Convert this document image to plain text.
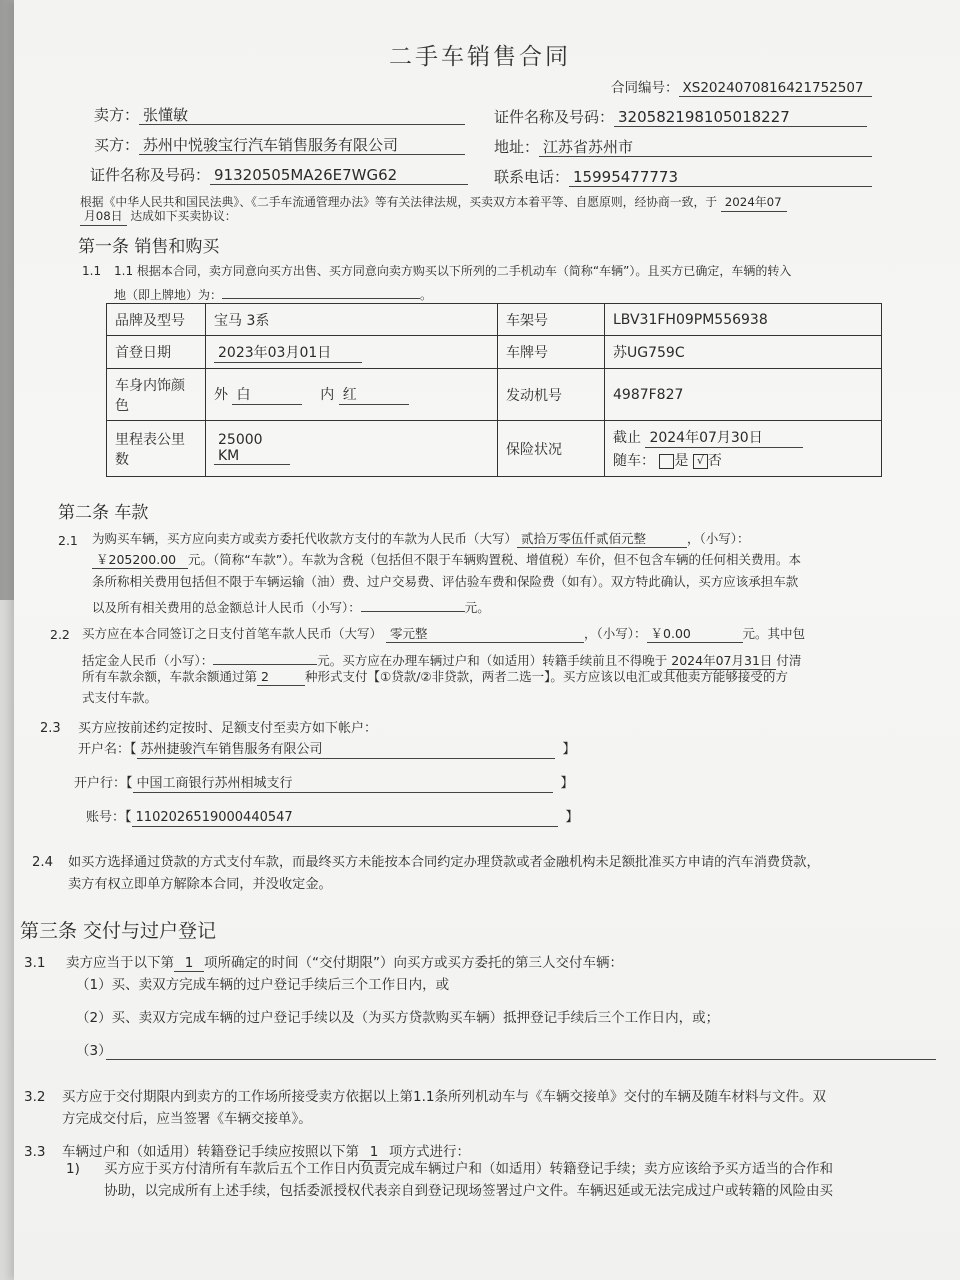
二手车销售合同
合同编号： XS2024070816421752507
卖方： 张懂敏	证件名称及号码： 320582198105018227
买方： 苏州中悦骏宝行汽车销售服务有限公司	地址： 江苏省苏州市
证件名称及号码： 91320505MA26E7WG62	联系电话： 15995477773
根据《中华人民共和国民法典》、《二手车流通管理办法》等有关法律法规，买卖双方本着平等、自愿原则，经协商一致，于 2024年07
月08日 达成如下买卖协议：
第一条 销售和购买
1.1 1.1 根据本合同，卖方同意向买方出售、买方同意向卖方购买以下所列的二手机动车（简称“车辆”）。且买方已确定，车辆的转入
地（即上牌地）为：	。
品牌及型号	宝马 3系	车架号	LBV31FH09PM556938
首登日期	2023年03月01日	车牌号	苏UG759C
车身内饰颜色	外 白 内 红	发动机号	4987F827
里程表公里数	25000 KM	保险状况	截止 2024年07月30日
随车： 是 √ 否
第二条 车款
2.1 为购买车辆，买方应向卖方或卖方委托代收款方支付的车款为人民币（大写） 贰拾万零伍仟贰佰元整	，（小写）：
￥205200.00 元。（简称“车款”）。车款为含税（包括但不限于车辆购置税、增值税）车价，但不包含车辆的任何相关费用。本
条所称相关费用包括但不限于车辆运输（油）费、过户交易费、评估验车费和保险费（如有）。双方特此确认，买方应该承担车款
以及所有相关费用的总金额总计人民币（小写）：	元。
2.2 买方应在本合同签订之日支付首笔车款人民币（大写） 零元整	，（小写）： ￥0.00	元。其中包
括定金人民币（小写）：	元。买方应在办理车辆过户和（如适用）转籍手续前且不得晚于 2024年07月31日 付清
所有车款余额，车款余额通过第 2	种形式支付【①贷款/②非贷款，两者二选一】。买方应该以电汇或其他卖方能够接受的方
式支付车款。
2.3 买方应按前述约定按时、足额支付至卖方如下帐户：
开户名：【 苏州捷骏汽车销售服务有限公司	】
开户行：【 中国工商银行苏州相城支行	】
账号：【 1102026519000440547	】
2.4 如买方选择通过贷款的方式支付车款，而最终买方未能按本合同约定办理贷款或者金融机构未足额批准买方申请的汽车消费贷款，
卖方有权立即单方解除本合同，并没收定金。
第三条 交付与过户登记
3.1 卖方应当于以下第 1 项所确定的时间（“交付期限”）向买方或买方委托的第三人交付车辆：
（1）买、卖双方完成车辆的过户登记手续后三个工作日内，或
（2）买、卖双方完成车辆的过户登记手续以及（为买方贷款购买车辆）抵押登记手续后三个工作日内，或；
（3）
3.2 买方应于交付期限内到卖方的工作场所接受卖方依据以上第1.1条所列机动车与《车辆交接单》交付的车辆及随车材料与文件。双
方完成交付后，应当签署《车辆交接单》。
3.3 车辆过户和（如适用）转籍登记手续应按照以下第 1 项方式进行：
1) 买方应于买方付清所有车款后五个工作日内负责完成车辆过户和（如适用）转籍登记手续；卖方应该给予买方适当的合作和
协助，以完成所有上述手续，包括委派授权代表亲自到登记现场签署过户文件。车辆迟延或无法完成过户或转籍的风险由买
